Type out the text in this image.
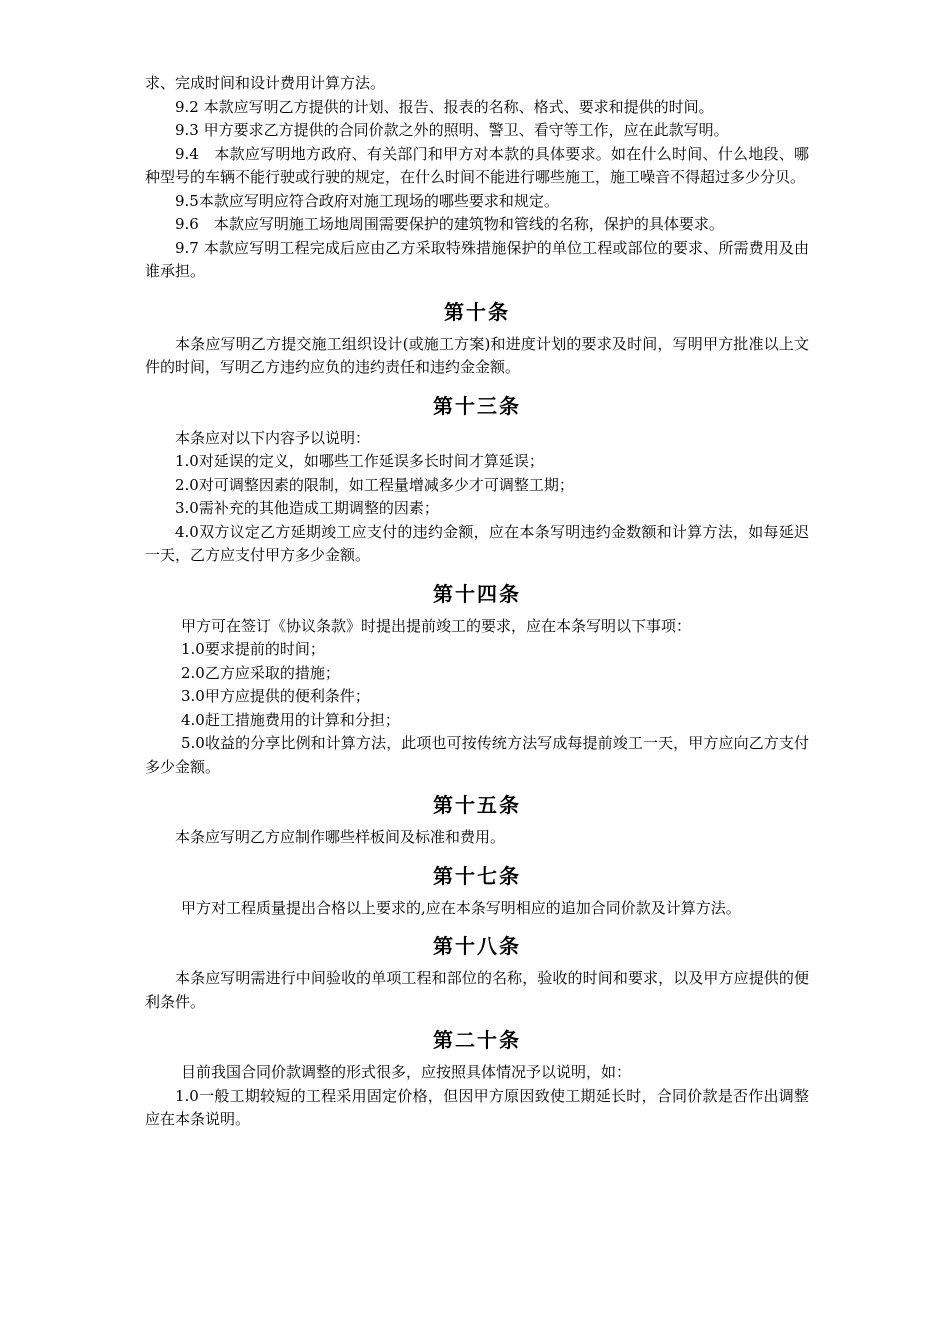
求、完成时间和设计费用计算方法。

9.2 本款应写明乙方提供的计划、报告、报表的名称、格式、要求和提供的时间。

9.3 甲方要求乙方提供的合同价款之外的照明、警卫、看守等工作，应在此款写明。

9.4　本款应写明地方政府、有关部门和甲方对本款的具体要求。如在什么时间、什么地段、哪种型号的车辆不能行驶或行驶的规定，在什么时间不能进行哪些施工，施工噪音不得超过多少分贝。

9.5本款应写明应符合政府对施工现场的哪些要求和规定。

9.6　本款应写明施工场地周围需要保护的建筑物和管线的名称，保护的具体要求。

9.7 本款应写明工程完成后应由乙方采取特殊措施保护的单位工程或部位的要求、所需费用及由谁承担。

第十条

本条应写明乙方提交施工组织设计(或施工方案)和进度计划的要求及时间，写明甲方批准以上文件的时间，写明乙方违约应负的违约责任和违约金金额。

第十三条

本条应对以下内容予以说明：

1.0对延误的定义，如哪些工作延误多长时间才算延误；

2.0对可调整因素的限制，如工程量增减多少才可调整工期；

3.0需补充的其他造成工期调整的因素；

4.0双方议定乙方延期竣工应支付的违约金额，应在本条写明违约金数额和计算方法，如每延迟一天，乙方应支付甲方多少金额。

第十四条

甲方可在签订《协议条款》时提出提前竣工的要求，应在本条写明以下事项：

1.0要求提前的时间；

2.0乙方应采取的措施；

3.0甲方应提供的便利条件；

4.0赶工措施费用的计算和分担；

5.0收益的分享比例和计算方法，此项也可按传统方法写成每提前竣工一天，甲方应向乙方支付多少金额。

第十五条

本条应写明乙方应制作哪些样板间及标准和费用。

第十七条

甲方对工程质量提出合格以上要求的,应在本条写明相应的追加合同价款及计算方法。

第十八条

本条应写明需进行中间验收的单项工程和部位的名称，验收的时间和要求，以及甲方应提供的便利条件。

第二十条

目前我国合同价款调整的形式很多，应按照具体情况予以说明，如：

1.0一般工期较短的工程采用固定价格，但因甲方原因致使工期延长时，合同价款是否作出调整应在本条说明。
